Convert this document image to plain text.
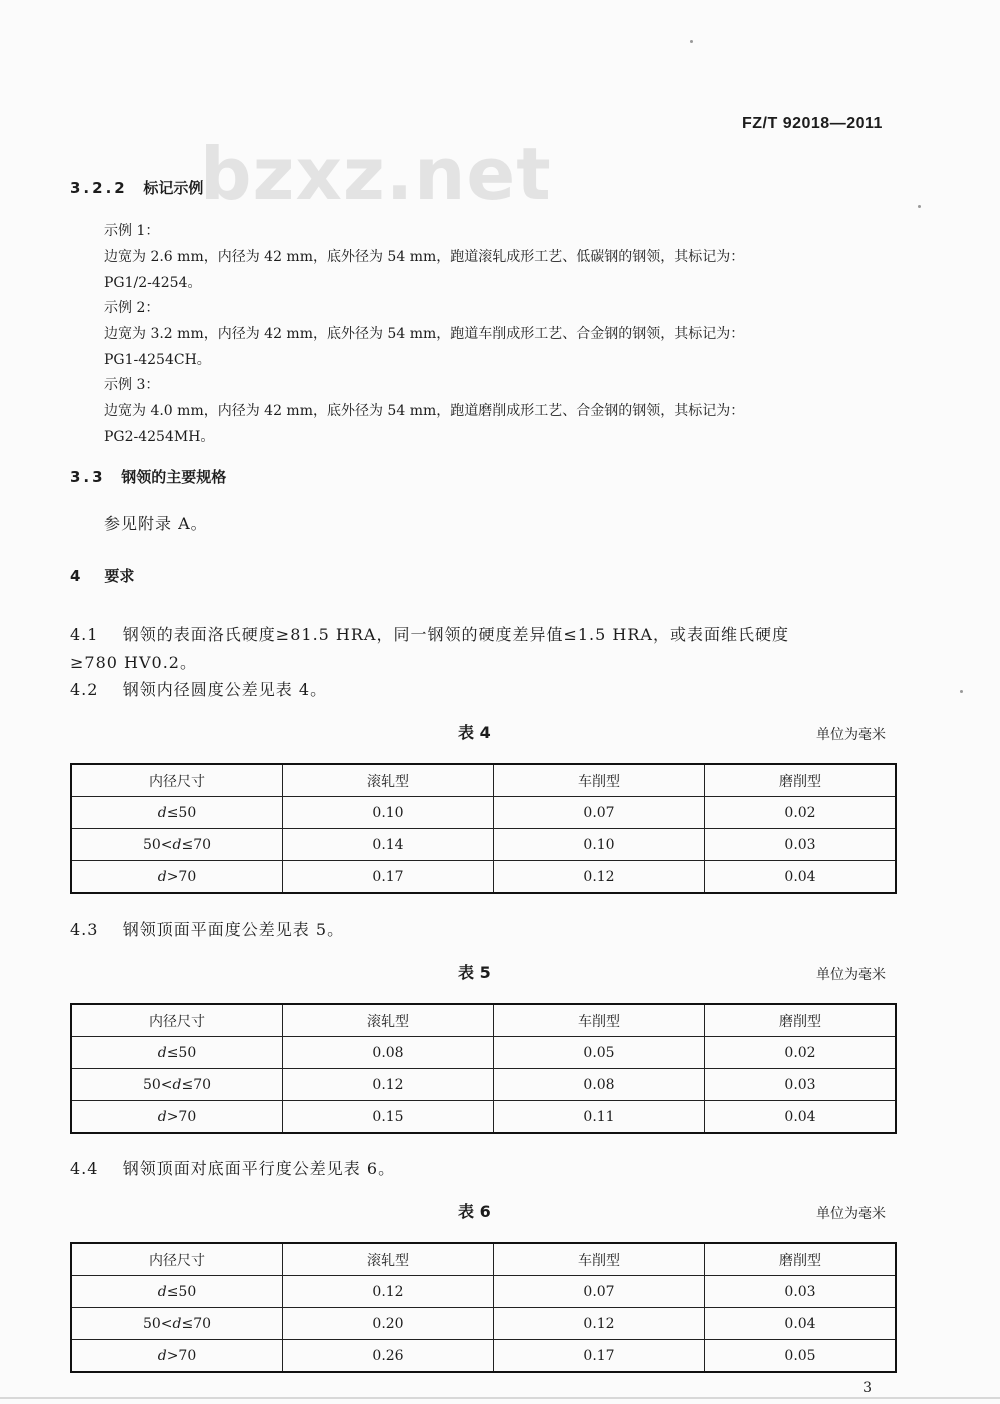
FZ/T 92018—2011
bzxz.net
3.2.2 标记示例
示例 1：
边宽为 2.6 mm，内径为 42 mm，底外径为 54 mm，跑道滚轧成形工艺、低碳钢的钢领，其标记为：
PG1/2-4254。
示例 2：
边宽为 3.2 mm，内径为 42 mm，底外径为 54 mm，跑道车削成形工艺、合金钢的钢领，其标记为：
PG1-4254CH。
示例 3：
边宽为 4.0 mm，内径为 42 mm，底外径为 54 mm，跑道磨削成形工艺、合金钢的钢领，其标记为：
PG2-4254MH。
3.3 钢领的主要规格
参见附录 A。
4 要求
4.1 钢领的表面洛氏硬度≥81.5 HRA，同一钢领的硬度差异值≤1.5 HRA，或表面维氏硬度
≥780 HV0.2。
4.2 钢领内径圆度公差见表 4。
表 4	单位为毫米
内径尺寸	滚轧型	车削型	磨削型
d≤50	0.10	0.07	0.02
50<d≤70	0.14	0.10	0.03
d>70	0.17	0.12	0.04
4.3 钢领顶面平面度公差见表 5。
表 5	单位为毫米
内径尺寸	滚轧型	车削型	磨削型
d≤50	0.08	0.05	0.02
50<d≤70	0.12	0.08	0.03
d>70	0.15	0.11	0.04
4.4 钢领顶面对底面平行度公差见表 6。
表 6	单位为毫米
内径尺寸	滚轧型	车削型	磨削型
d≤50	0.12	0.07	0.03
50<d≤70	0.20	0.12	0.04
d>70	0.26	0.17	0.05
3
